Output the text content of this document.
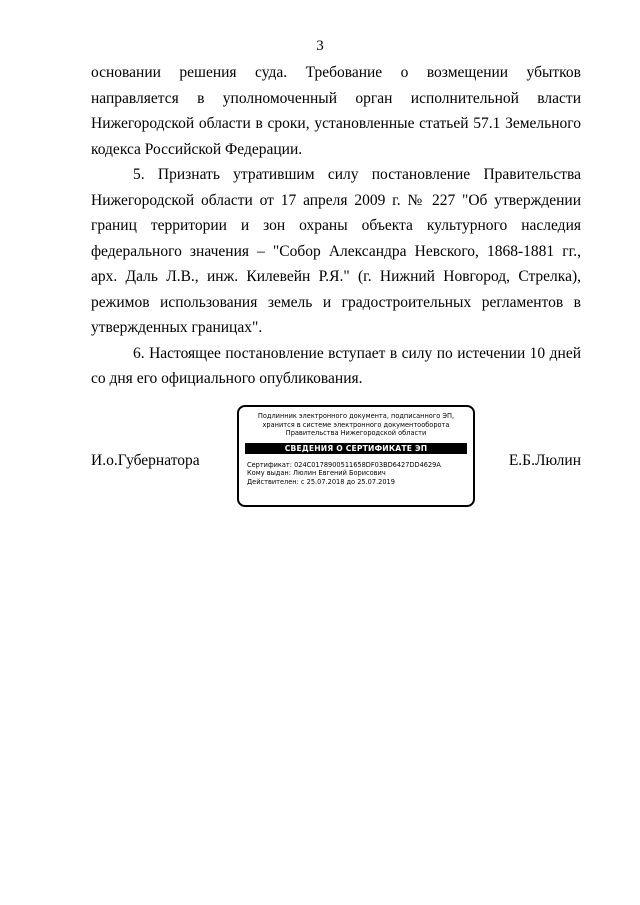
3

основании решения суда. Требование о возмещении убытков направляется в уполномоченный орган исполнительной власти Нижегородской области в сроки, установленные статьей 57.1 Земельного кодекса Российской Федерации.

5. Признать утратившим силу постановление Правительства Нижегородской области от 17 апреля 2009 г. № 227 "Об утверждении границ территории и зон охраны объекта культурного наследия федерального значения – "Собор Александра Невского, 1868-1881 гг., арх. Даль Л.В., инж. Килевейн Р.Я." (г. Нижний Новгород, Стрелка), режимов использования земель и градостроительных регламентов в утвержденных границах".

6. Настоящее постановление вступает в силу по истечении 10 дней со дня его официального опубликования.

И.о.Губернатора
Подлинник электронного документа, подписанного ЭП,
хранится в системе электронного документооборота
Правительства Нижегородской области
СВЕДЕНИЯ О СЕРТИФИКАТЕ ЭП
Сертификат: 024C0178900511658DF03BD6427DD4629A
Кому выдан: Люлин Евгений Борисович
Действителен: с 25.07.2018 до 25.07.2019
Е.Б.Люлин
